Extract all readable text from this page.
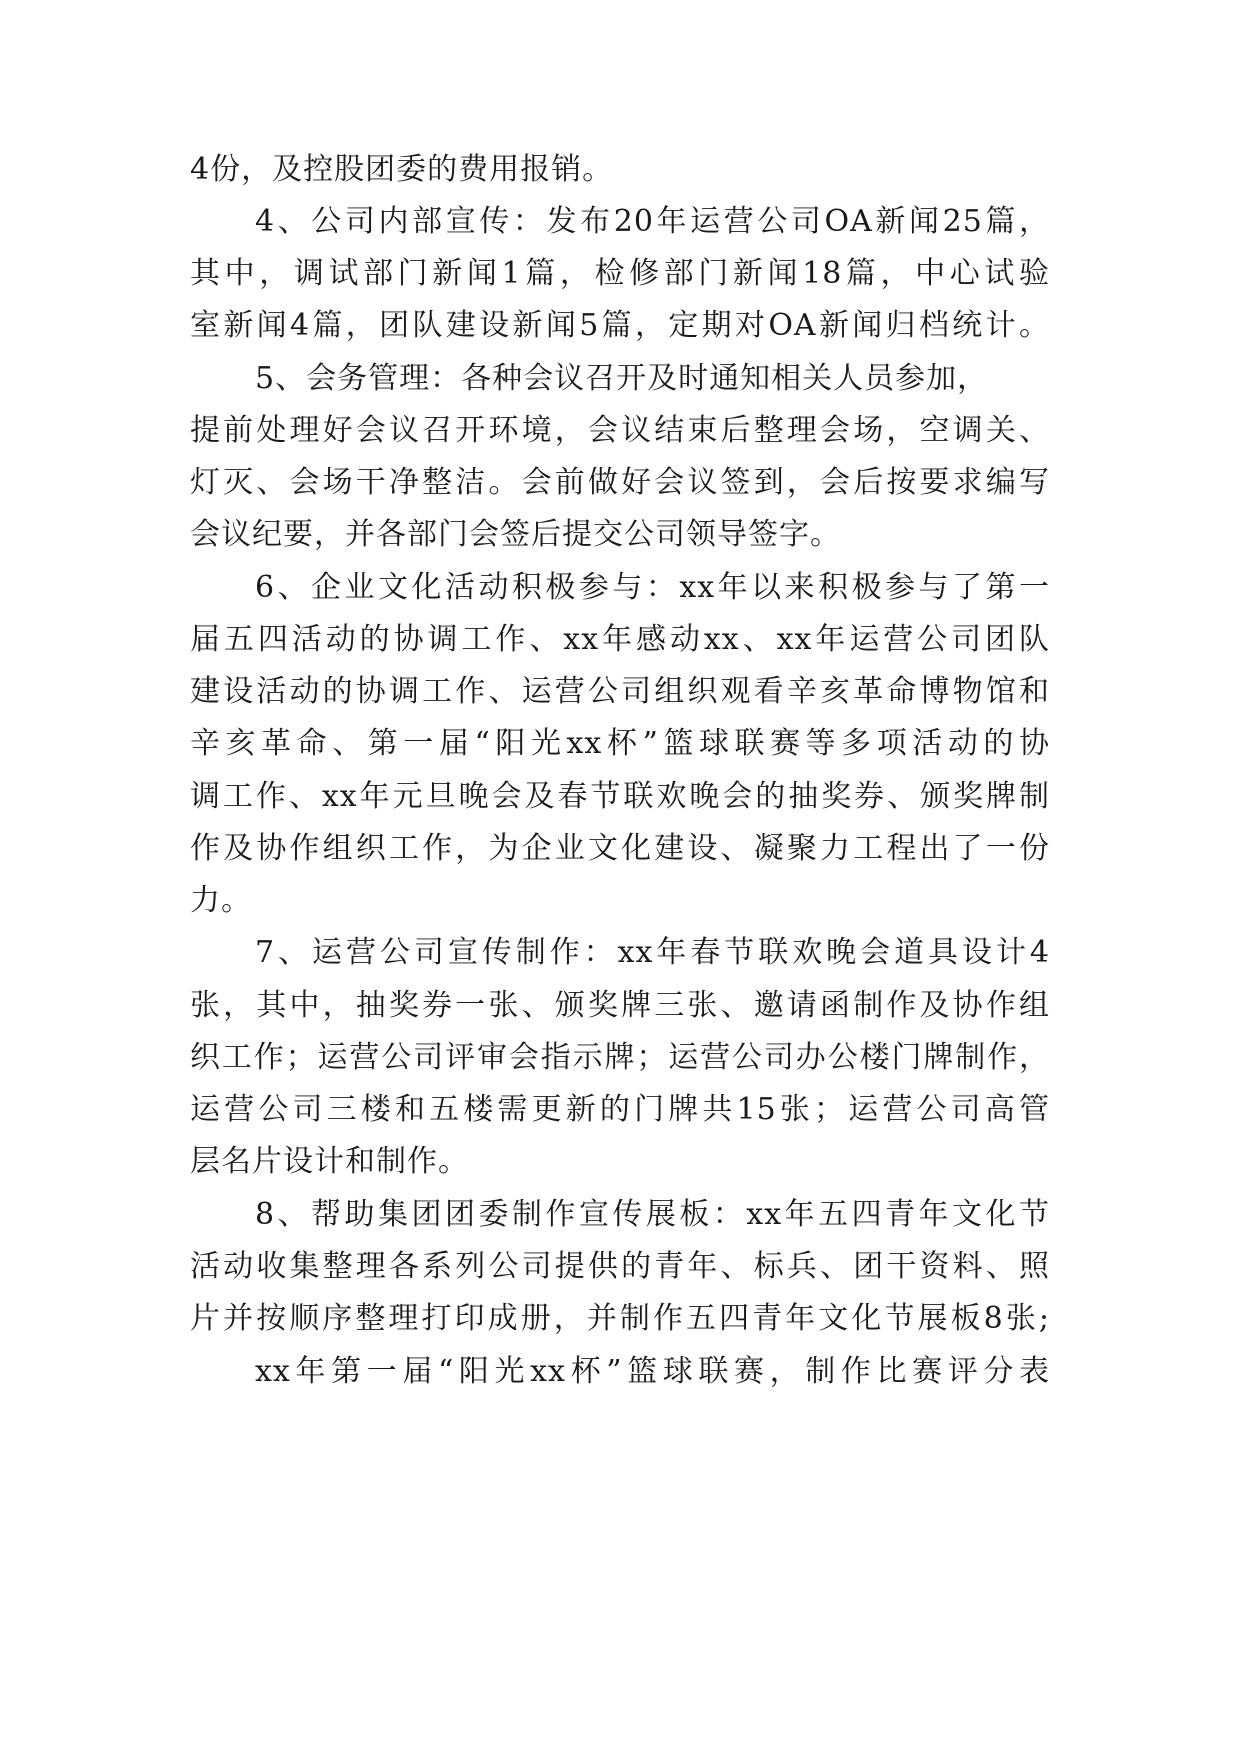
4份，及控股团委的费用报销。
4、公司内部宣传：发布20年运营公司OA新闻25篇，
其中，调试部门新闻1篇，检修部门新闻18篇，中心试验
室新闻4篇，团队建设新闻5篇，定期对OA新闻归档统计。
5、会务管理：各种会议召开及时通知相关人员参加，
提前处理好会议召开环境，会议结束后整理会场，空调关、
灯灭、会场干净整洁。会前做好会议签到，会后按要求编写
会议纪要，并各部门会签后提交公司领导签字。
6、企业文化活动积极参与：xx年以来积极参与了第一
届五四活动的协调工作、xx年感动xx、xx年运营公司团队
建设活动的协调工作、运营公司组织观看辛亥革命博物馆和
辛亥革命、第一届“阳光xx杯”篮球联赛等多项活动的协
调工作、xx年元旦晚会及春节联欢晚会的抽奖券、颁奖牌制
作及协作组织工作，为企业文化建设、凝聚力工程出了一份
力。
7、运营公司宣传制作：xx年春节联欢晚会道具设计4
张，其中，抽奖券一张、颁奖牌三张、邀请函制作及协作组
织工作；运营公司评审会指示牌；运营公司办公楼门牌制作，
运营公司三楼和五楼需更新的门牌共15张；运营公司高管
层名片设计和制作。
8、帮助集团团委制作宣传展板：xx年五四青年文化节
活动收集整理各系列公司提供的青年、标兵、团干资料、照
片并按顺序整理打印成册，并制作五四青年文化节展板8张;
xx年第一届“阳光xx杯”篮球联赛，制作比赛评分表
